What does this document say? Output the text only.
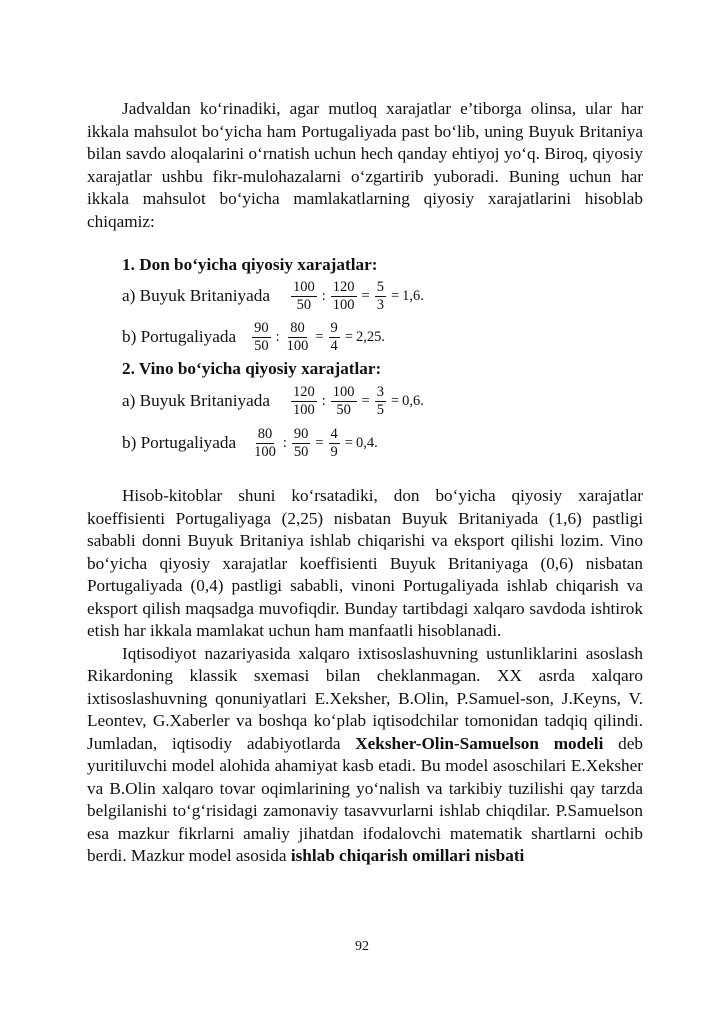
Jadvaldan ko‘rinadiki, agar mutloq xarajatlar e’tiborga olinsa, ular har ikkala mahsulot bo‘yicha ham Portugaliyada past bo‘lib, uning Buyuk Britaniya bilan savdo aloqalarini o‘rnatish uchun hech qanday ehtiyoj yo‘q. Biroq, qiyosiy xarajatlar ushbu fikr-mulohazalarni o‘zgartirib yuboradi. Buning uchun har ikkala mahsulot bo‘yicha mamlakatlarning qiyosiy xarajatlarini hisoblab chiqamiz:

1. Don bo‘yicha qiyosiy xarajatlar:

a) Buyuk Britaniyada $\frac{100}{50}$ : $\frac{120}{100} = \frac{5}{3} = 1,6$ .
b) Portugaliyada $\frac{90}{50}$ : $\frac{80}{100} = \frac{9}{4} = 2,25$ .

2. Vino bo‘yicha qiyosiy xarajatlar:

a) Buyuk Britaniyada $\frac{120}{100}$ : $\frac{100}{50} = \frac{3}{5} = 0,6$ .
b) Portugaliyada $\frac{80}{100}$ : $\frac{90}{50} = \frac{4}{9} = 0,4$ .

Hisob-kitoblar shuni ko‘rsatadiki, don bo‘yicha qiyosiy xarajatlar koeffisienti Portugaliyaga (2,25) nisbatan Buyuk Britaniyada (1,6) pastligi sababli donni Buyuk Britaniya ishlab chiqarishi va eksport qilishi lozim. Vino bo‘yicha qiyosiy xarajatlar koeffisienti Buyuk Britaniyaga (0,6) nisbatan Portugaliyada (0,4) pastligi sababli, vinoni Portugaliyada ishlab chiqarish va eksport qilish maqsadga muvofiqdir. Bunday tartibdagi xalqaro savdoda ishtirok etish har ikkala mamlakat uchun ham manfaatli hisoblanadi.

Iqtisodiyot nazariyasida xalqaro ixtisoslashuvning ustunliklarini asoslash Rikardoning klassik sxemasi bilan cheklanmagan. XX asrda xalqaro ixtisoslashuvning qonuniyatlari E.Xeksher, B.Olin, P.Samuel-son, J.Keyns, V. Leontev, G.Xaberler va boshqa ko‘plab iqtisodchilar tomonidan tadqiq qilindi. Jumladan, iqtisodiy adabiyotlarda Xeksher-Olin-Samuelson modeli deb yuritiluvchi model alohida ahamiyat kasb etadi. Bu model asoschilari E.Xeksher va B.Olin xalqaro tovar oqimlarining yo‘nalish va tarkibiy tuzilishi qay tarzda belgilanishi to‘g‘risidagi zamonaviy tasavvurlarni ishlab chiqdilar. P.Samuelson esa mazkur fikrlarni amaliy jihatdan ifodalovchi matematik shartlarni ochib berdi. Mazkur model asosida ishlab chiqarish omillari nisbati

92
